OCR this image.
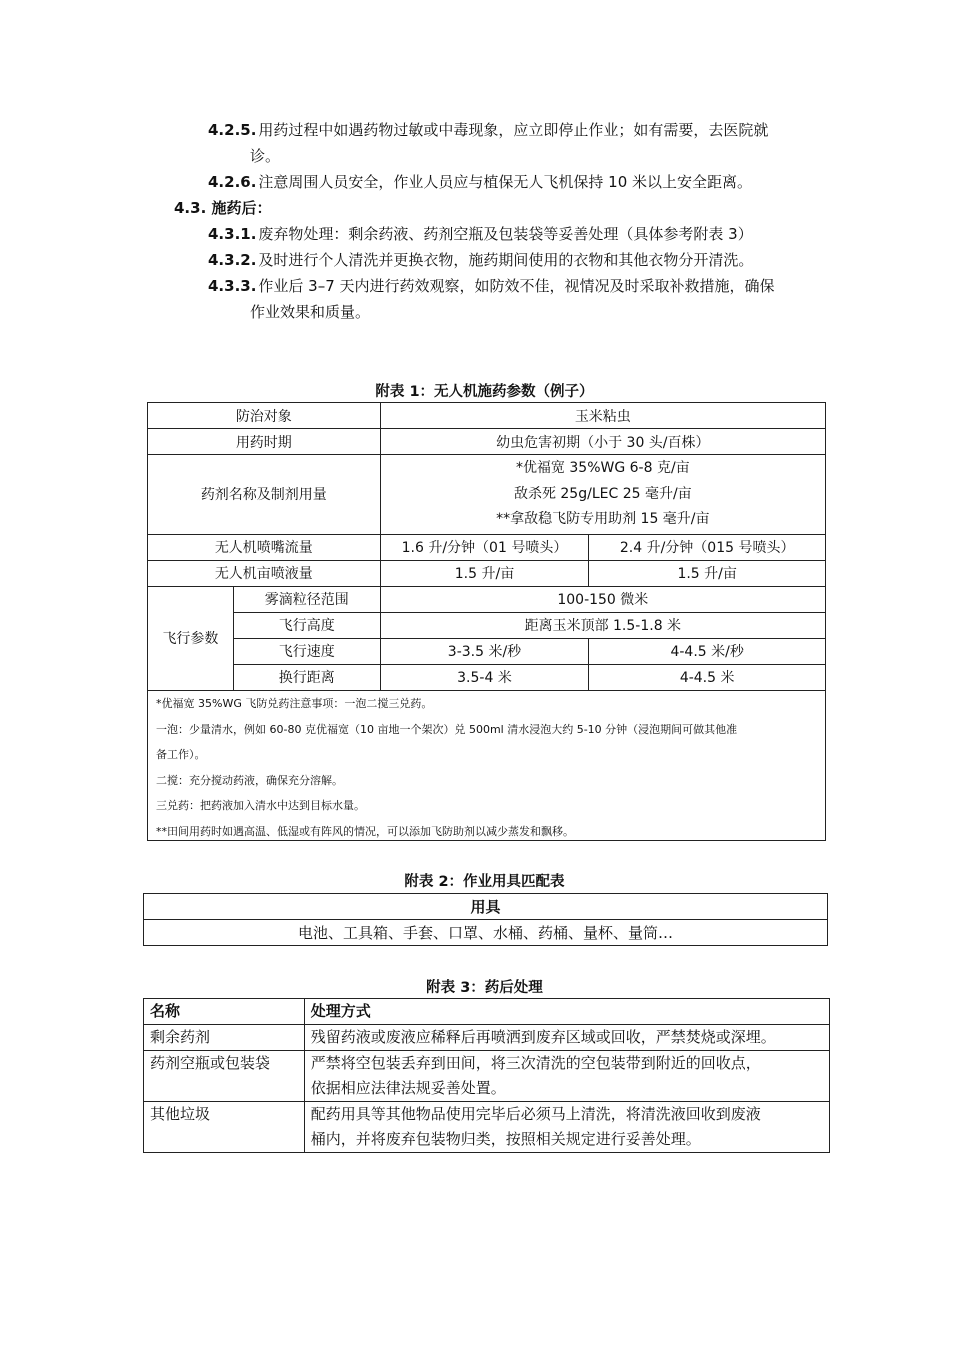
4.2.5. 用药过程中如遇药物过敏或中毒现象，应立即停止作业；如有需要，去医院就
诊。
4.2.6. 注意周围人员安全，作业人员应与植保无人飞机保持 10 米以上安全距离。
4.3. 施药后：
4.3.1. 废弃物处理：剩余药液、药剂空瓶及包装袋等妥善处理（具体参考附表 3）
4.3.2. 及时进行个人清洗并更换衣物，施药期间使用的衣物和其他衣物分开清洗。
4.3.3. 作业后 3–7 天内进行药效观察，如防效不佳，视情况及时采取补救措施，确保
作业效果和质量。
附表 1：无人机施药参数（例子）
防治对象		玉米粘虫	
用药时期		幼虫危害初期（小于 30 头/百株）	
药剂名称及制剂用量		*优福宽 35%WG 6-8 克/亩
敌杀死 25g/LEC 25 毫升/亩
**拿敌稳飞防专用助剂 15 毫升/亩	

无人机喷嘴流量		1.6 升/分钟（01 号喷头）	2.4 升/分钟（015 号喷头）
无人机亩喷液量		1.5 升/亩	1.5 升/亩
飞行参数	雾滴粒径范围	100-150 微米	
	飞行高度	距离玉米顶部 1.5-1.8 米	
	飞行速度	3-3.5 米/秒	4-4.5 米/秒
	换行距离	3.5-4 米	4-4.5 米
*优福宽 35%WG 飞防兑药注意事项：一泡二搅三兑药。
一泡：少量清水，例如 60-80 克优福宽（10 亩地一个架次）兑 500ml 清水浸泡大约 5-10 分钟（浸泡期间可做其他准
备工作）。
二搅：充分搅动药液，确保充分溶解。
三兑药：把药液加入清水中达到目标水量。
**田间用药时如遇高温、低湿或有阵风的情况，可以添加飞防助剂以减少蒸发和飘移。
附表 2：作业用具匹配表
用具
电池、工具箱、手套、口罩、水桶、药桶、量杯、量筒…
附表 3：药后处理
名称	处理方式
剩余药剂	残留药液或废液应稀释后再喷洒到废弃区域或回收，严禁焚烧或深埋。

药剂空瓶或包装袋	严禁将空包装丢弃到田间，将三次清洗的空包装带到附近的回收点，
依据相应法律法规妥善处置。

其他垃圾	配药用具等其他物品使用完毕后必须马上清洗，将清洗液回收到废液
桶内，并将废弃包装物归类，按照相关规定进行妥善处理。
